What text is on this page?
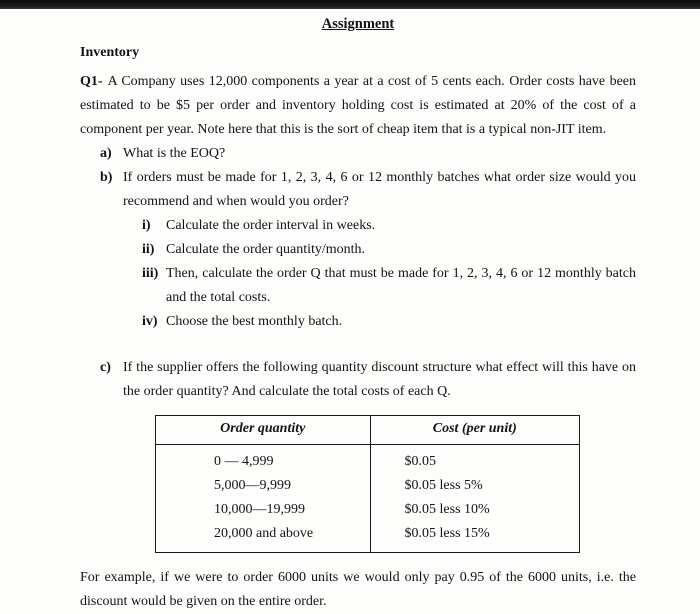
Assignment
Inventory

Q1- A Company uses 12,000 components a year at a cost of 5 cents each. Order costs have been estimated to be $5 per order and inventory holding cost is estimated at 20% of the cost of a component per year. Note here that this is the sort of cheap item that is a typical non-JIT item.

a) What is the EOQ?
b) If orders must be made for 1, 2, 3, 4, 6 or 12 monthly batches what order size would you recommend and when would you order?
i)	Calculate the order interval in weeks.
ii) Calculate the order quantity/month.
iii) Then, calculate the order Q that must be made for 1, 2, 3, 4, 6 or 12 monthly batch and the total costs.
iv) Choose the best monthly batch.
c) If the supplier offers the following quantity discount structure what effect will this have on the order quantity? And calculate the total costs of each Q.
Order quantity	Cost (per unit)
0 — 4,999	$0.05
5,000—9,999	$0.05 less 5%
10,000—19,999	$0.05 less 10%
20,000 and above	$0.05 less 15%

For example, if we were to order 6000 units we would only pay 0.95 of the 6000 units, i.e. the discount would be given on the entire order.
